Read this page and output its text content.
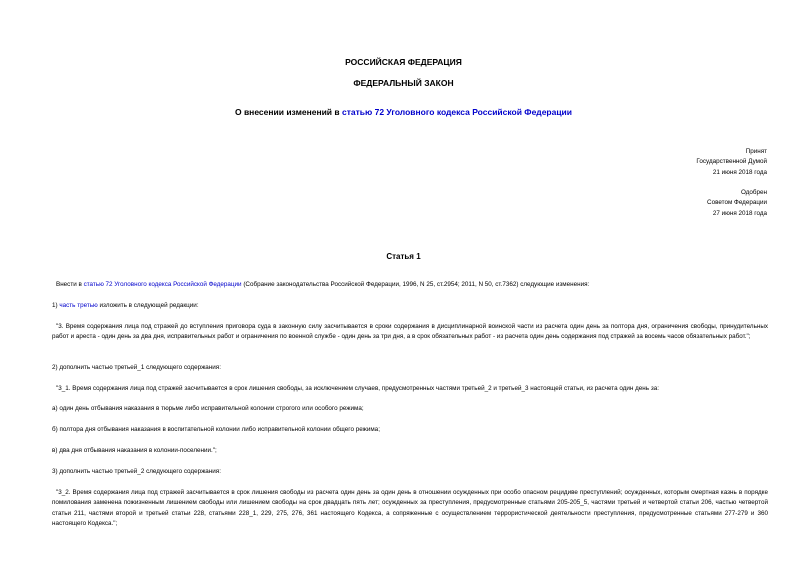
РОССИЙСКАЯ ФЕДЕРАЦИЯ
ФЕДЕРАЛЬНЫЙ ЗАКОН
О внесении изменений в статью 72 Уголовного кодекса Российской Федерации
Принят
Государственной Думой
21 июня 2018 года
Одобрен
Советом Федерации
27 июня 2018 года
Статья 1
Внести в статью 72 Уголовного кодекса Российской Федерации (Собрание законодательства Российской Федерации, 1996, N 25, ст.2954; 2011, N 50, ст.7362) следующие изменения:
1) часть третью изложить в следующей редакции:
"3. Время содержания лица под стражей до вступления приговора суда в законную силу засчитывается в сроки содержания в дисциплинарной воинской части из расчета один день за полтора дня, ограничения свободы, принудительных работ и ареста - один день за два дня, исправительных работ и ограничения по военной службе - один день за три дня, а в срок обязательных работ - из расчета один день содержания под стражей за восемь часов обязательных работ.";
2) дополнить частью третьей_1 следующего содержания:
"3_1. Время содержания лица под стражей засчитывается в срок лишения свободы, за исключением случаев, предусмотренных частями третьей_2 и третьей_3 настоящей статьи, из расчета один день за:
а) один день отбывания наказания в тюрьме либо исправительной колонии строгого или особого режима;
б) полтора дня отбывания наказания в воспитательной колонии либо исправительной колонии общего режима;
в) два дня отбывания наказания в колонии-поселении.";
3) дополнить частью третьей_2 следующего содержания:
"3_2. Время содержания лица под стражей засчитывается в срок лишения свободы из расчета один день за один день в отношении осужденных при особо опасном рецидиве преступлений; осужденных, которым смертная казнь в порядке помилования заменена пожизненным лишением свободы или лишением свободы на срок двадцать пять лет; осужденных за преступления, предусмотренные статьями 205-205_5, частями третьей и четвертой статьи 206, частью четвертой статьи 211, частями второй и третьей статьи 228, статьями 228_1, 229, 275, 276, 361 настоящего Кодекса, а сопряженные с осуществлением террористической деятельности преступления, предусмотренные статьями 277-279 и 360 настоящего Кодекса.";
